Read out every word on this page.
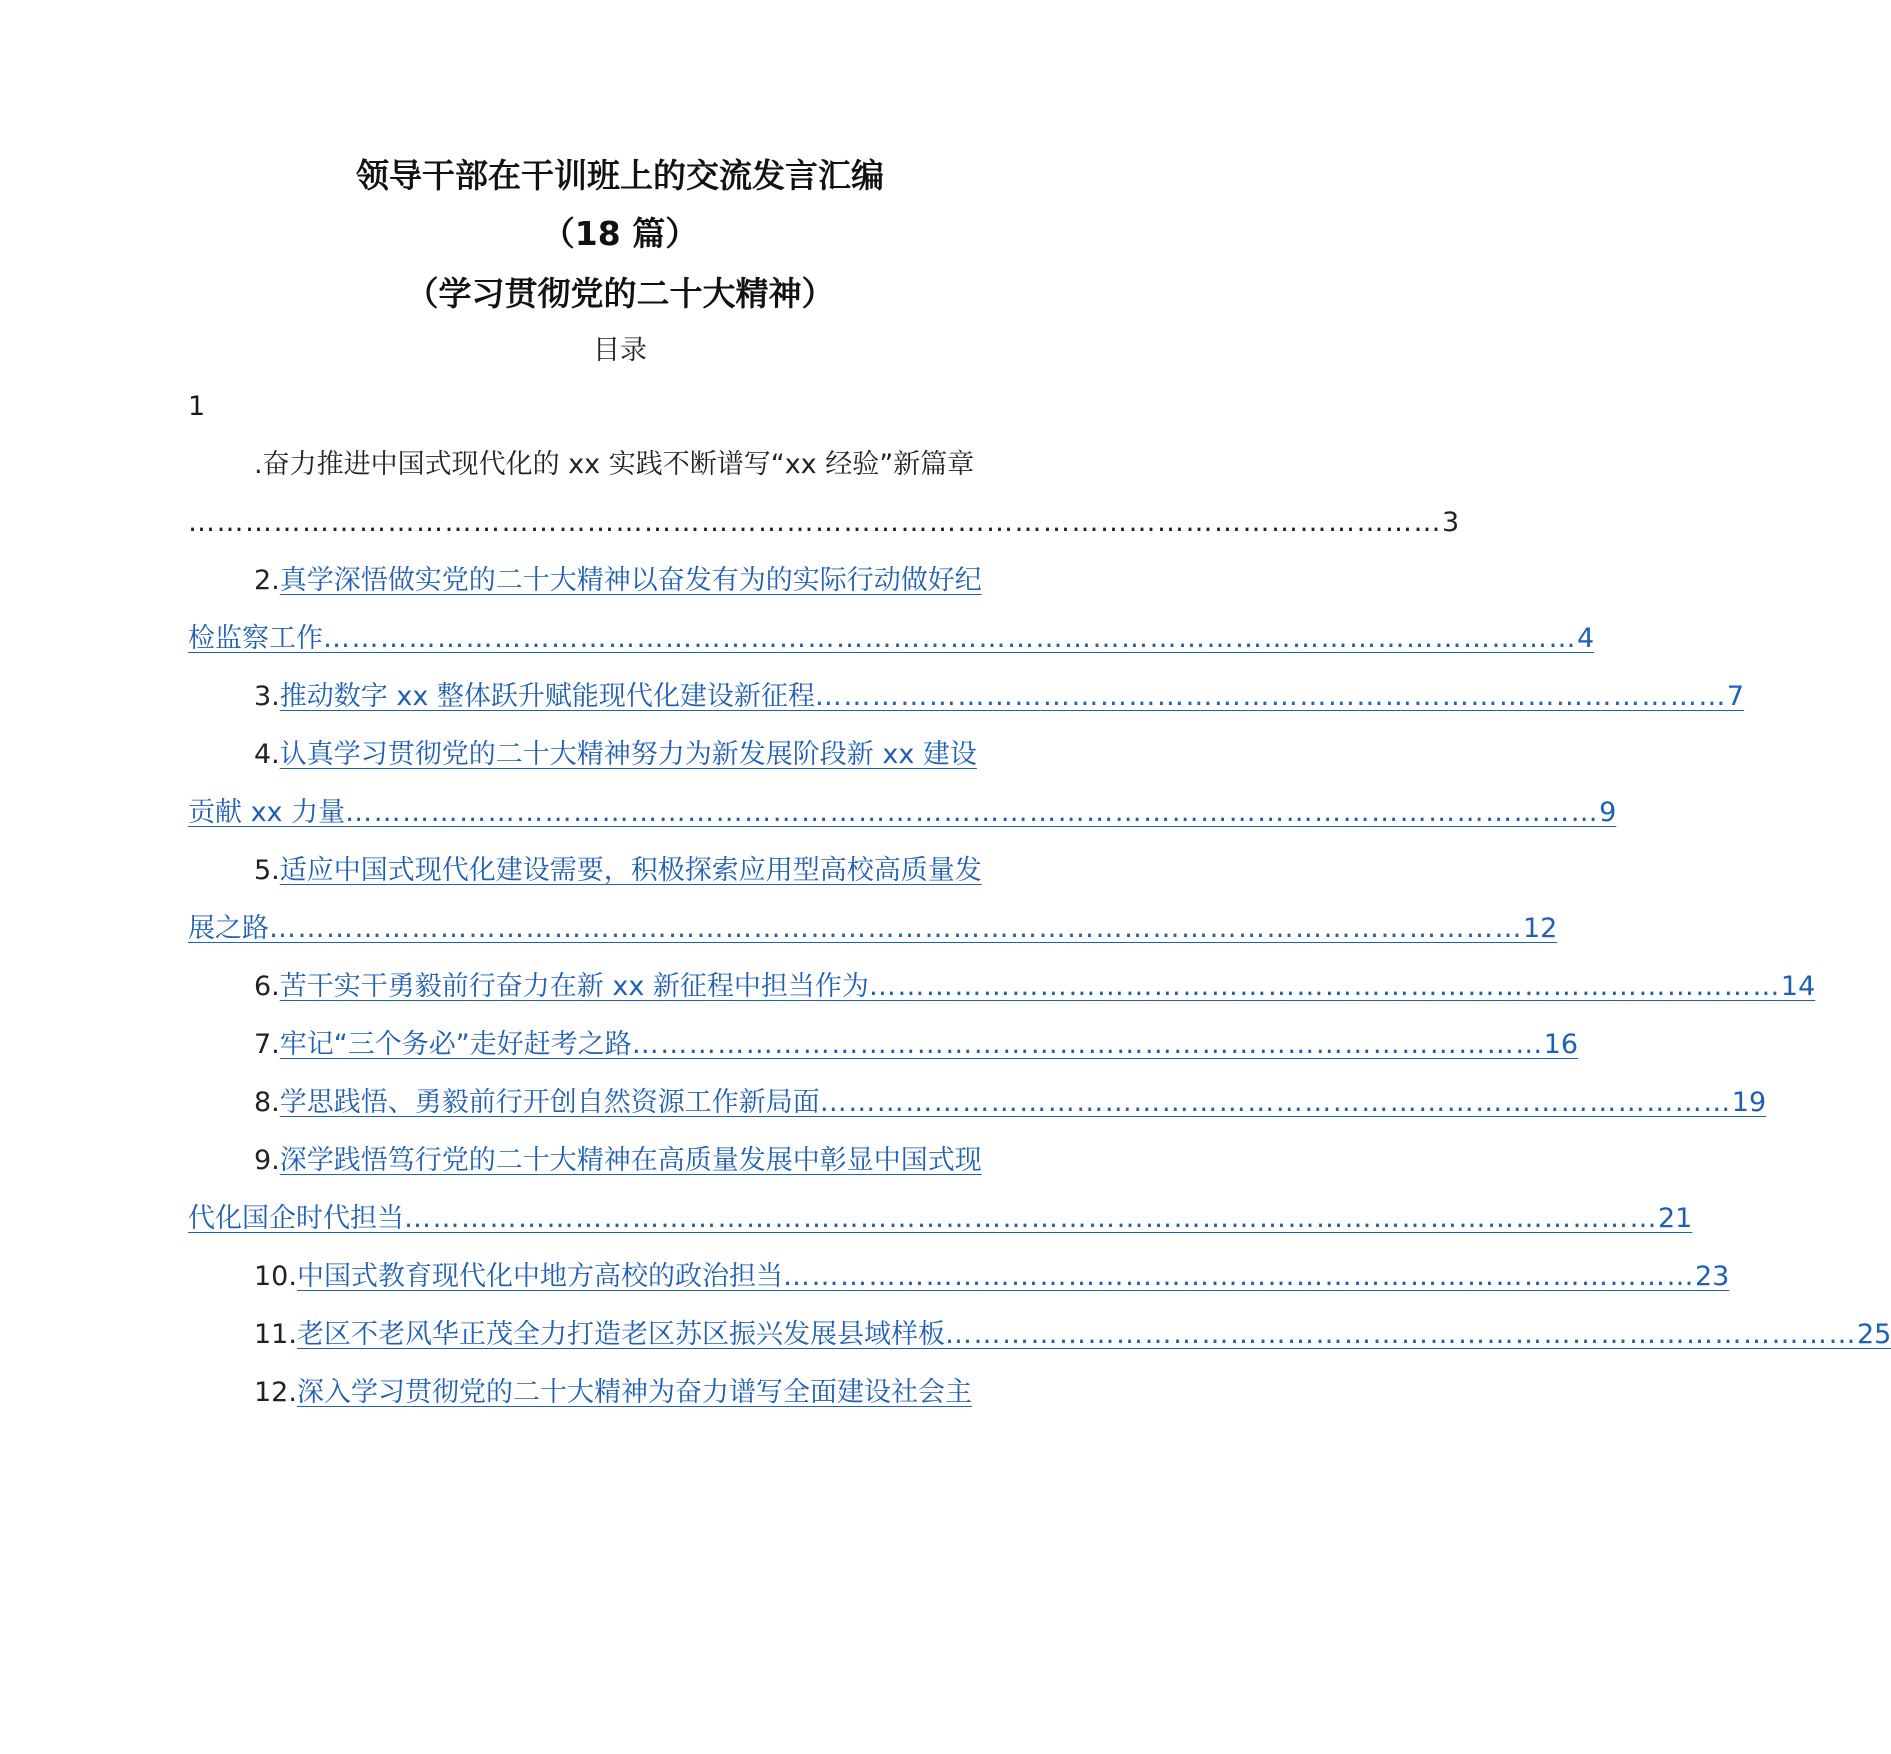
领导干部在干训班上的交流发言汇编
（18 篇）
（学习贯彻党的二十大精神）
目录
1
.奋力推进中国式现代化的 xx 实践不断谱写“xx 经验”新篇章
…………………………………………………………………………………………………………………… 3
2.真学深悟做实党的二十大精神以奋发有为的实际行动做好纪
检监察工作 …………………………………………………………………………………………………………………… 4
3. 推动数字 xx 整体跃升赋能现代化建设新征程 …………………………………………………………………………………… 7
4.认真学习贯彻党的二十大精神努力为新发展阶段新 xx 建设
贡献 xx 力量 …………………………………………………………………………………………………………………… 9
5.适应中国式现代化建设需要，积极探索应用型高校高质量发
展之路 …………………………………………………………………………………………………………………… 12
6. 苦干实干勇毅前行奋力在新 xx 新征程中担当作为 …………………………………………………………………………………… 14
7. 牢记“三个务必”走好赶考之路 …………………………………………………………………………………… 16
8. 学思践悟、勇毅前行开创自然资源工作新局面 …………………………………………………………………………………… 19
9.深学践悟笃行党的二十大精神在高质量发展中彰显中国式现
代化国企时代担当 …………………………………………………………………………………………………………………… 21
10. 中国式教育现代化中地方高校的政治担当 …………………………………………………………………………………… 23
11. 老区不老风华正茂全力打造老区苏区振兴发展县域样板 …………………………………………………………………………………… 25
12.深入学习贯彻党的二十大精神为奋力谱写全面建设社会主
